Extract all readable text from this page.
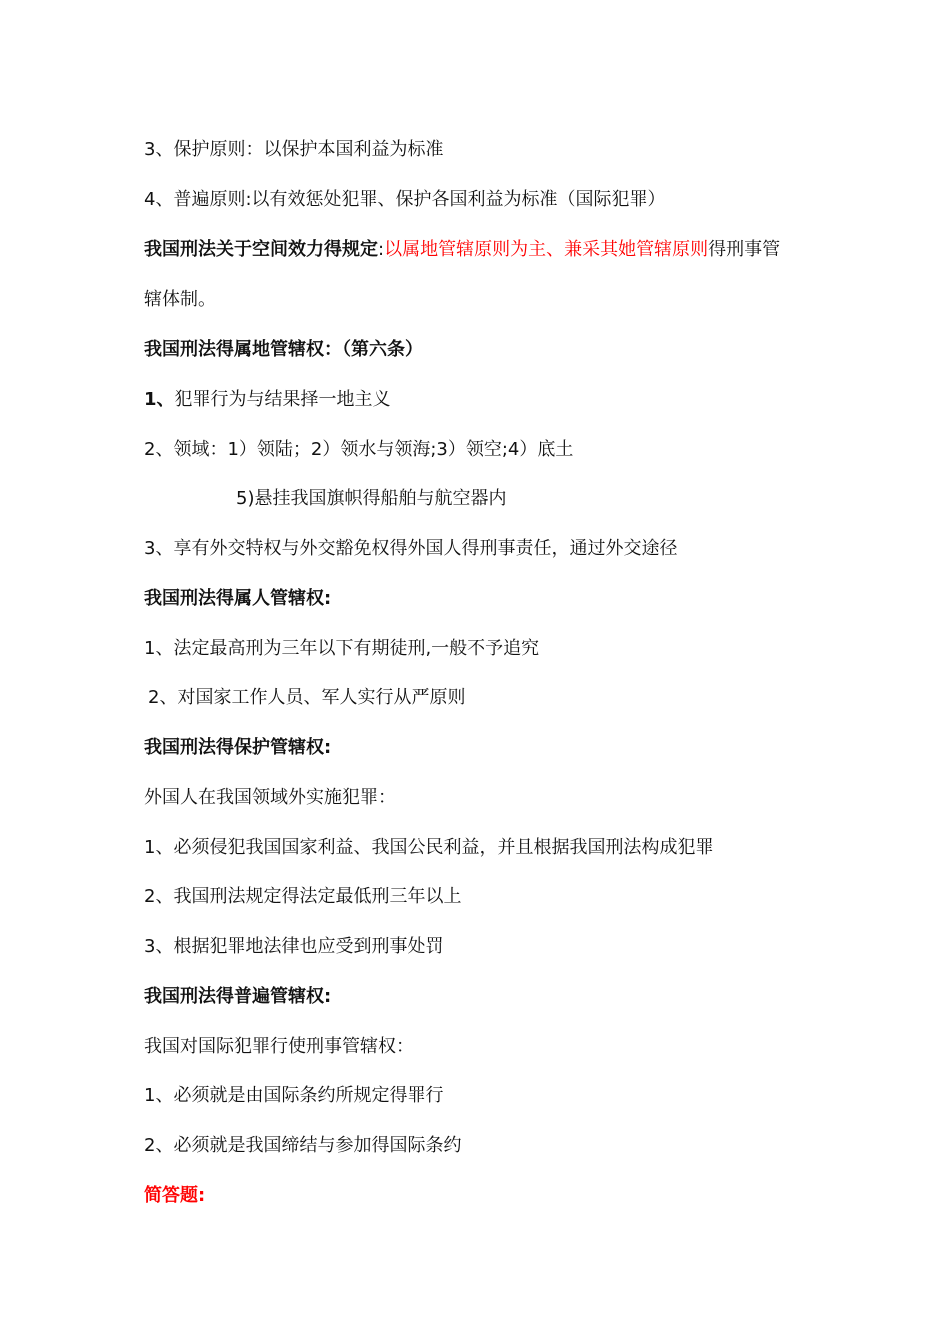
3、保护原则：以保护本国利益为标准
4、普遍原则:以有效惩处犯罪、保护各国利益为标准（国际犯罪）
我国刑法关于空间效力得规定:以属地管辖原则为主、兼采其她管辖原则得刑事管
辖体制。
我国刑法得属地管辖权：（第六条）
1、犯罪行为与结果择一地主义
2、领域：1）领陆；2）领水与领海;3）领空;4）底土
5)悬挂我国旗帜得船舶与航空器内
3、享有外交特权与外交豁免权得外国人得刑事责任，通过外交途径
我国刑法得属人管辖权:
1、法定最高刑为三年以下有期徒刑,一般不予追究
2、对国家工作人员、军人实行从严原则
我国刑法得保护管辖权:
外国人在我国领域外实施犯罪：
1、必须侵犯我国国家利益、我国公民利益，并且根据我国刑法构成犯罪
2、我国刑法规定得法定最低刑三年以上
3、根据犯罪地法律也应受到刑事处罚
我国刑法得普遍管辖权:
我国对国际犯罪行使刑事管辖权：
1、必须就是由国际条约所规定得罪行
2、必须就是我国缔结与参加得国际条约
简答题:
